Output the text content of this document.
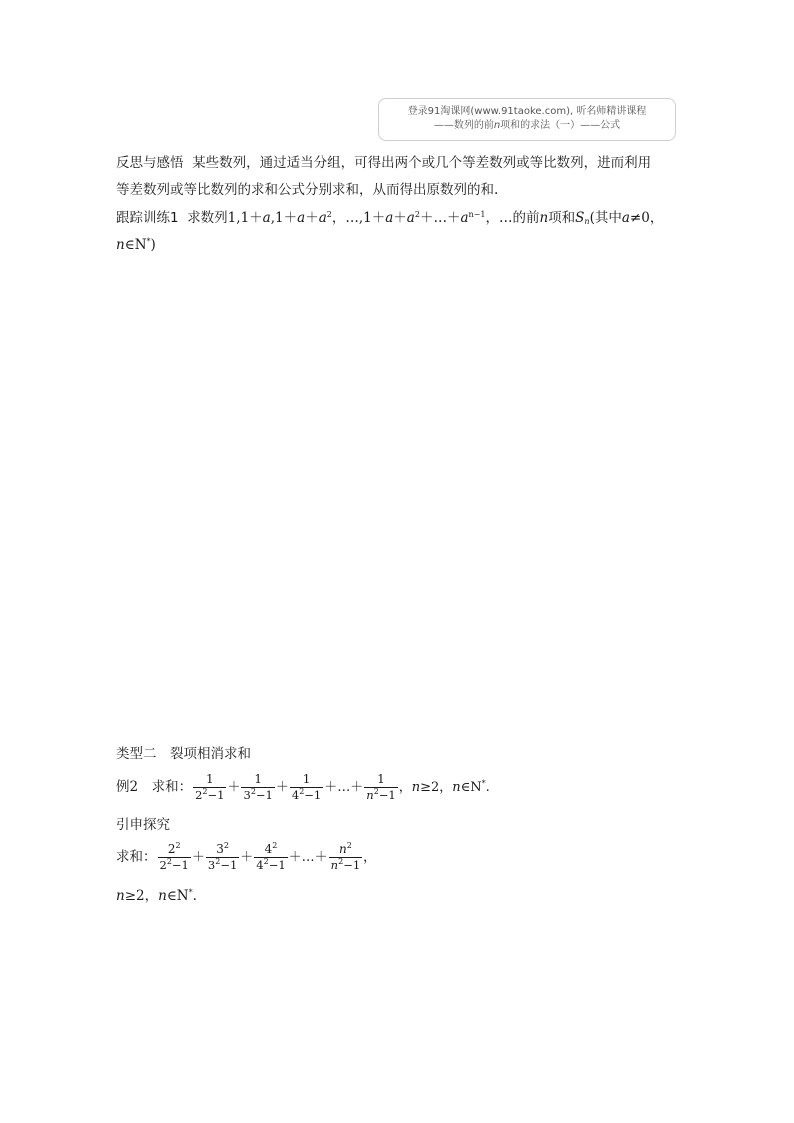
登录91淘课网(www.91taoke.com), 听名师精讲课程
——数列的前n项和的求法（一）——公式
反思与感悟 某些数列，通过适当分组，可得出两个或几个等差数列或等比数列，进而利用
等差数列或等比数列的求和公式分别求和，从而得出原数列的和.
跟踪训练1 求数列$1,1+a,1+a+a^2$，$\dots,1+a+a^2+\dots+a^{n-1}$，…的前n项和$S_n$(其中a≠0，
n∈N*)
类型二　裂项相消求和
例2　求和： $\frac{1}{2^2-1} + \frac{1}{3^2-1} + \frac{1}{4^2-1}$ ＋…＋ $\frac{1}{n^2-1}$ ，n≥2，n∈N*.
引申探究
求和： $\frac{2^2}{2^2-1} + \frac{3^2}{3^2-1} + \frac{4^2}{4^2-1}$ ＋…＋ $\frac{n^2}{n^2-1}$ ，
n≥2，n∈N*.
